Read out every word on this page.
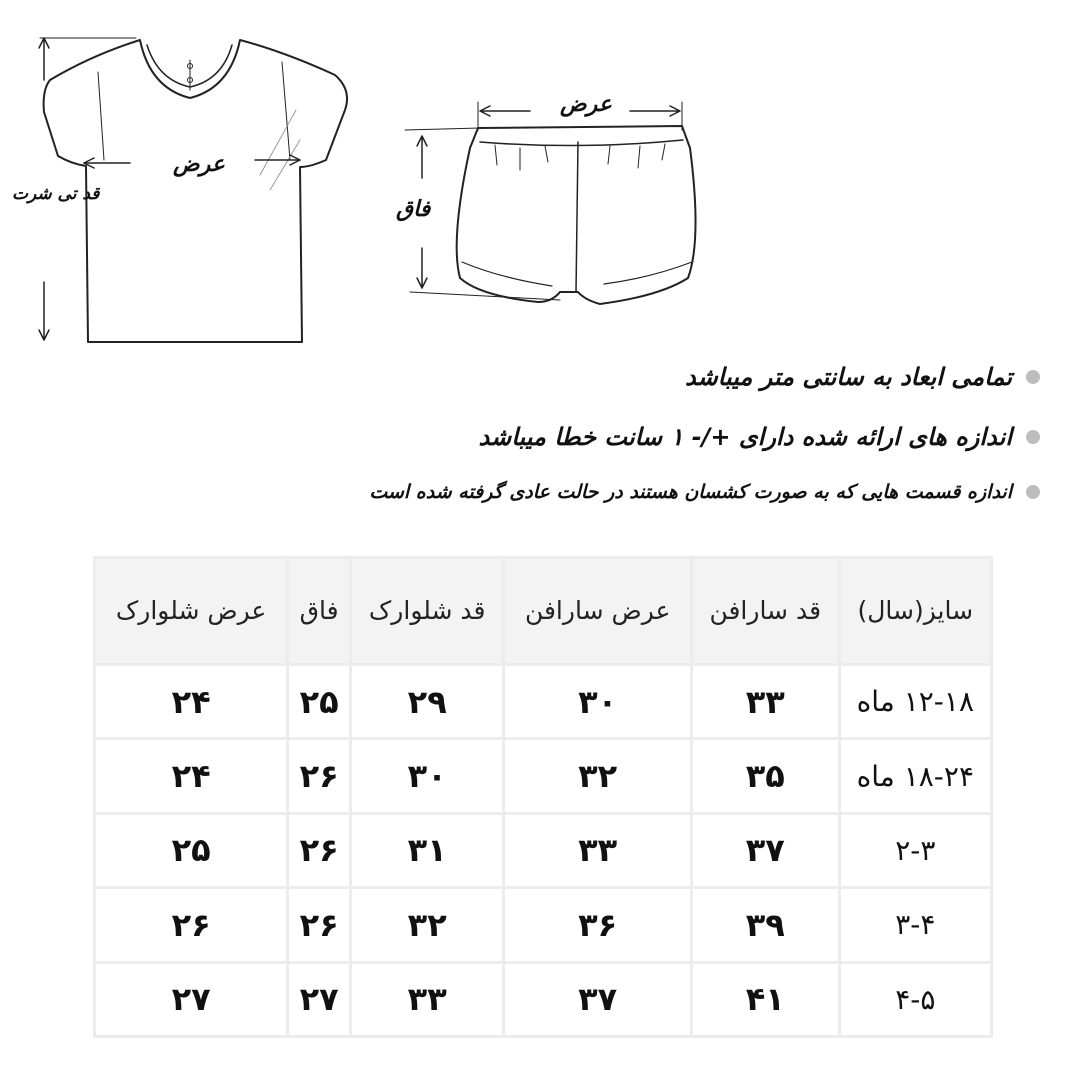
عرض
قد تی شرت
عرض
فاق
تمامی ابعاد به سانتی متر میباشد
اندازه های ارائه شده دارای +/- ۱ سانت خطا میباشد
اندازه قسمت هایی که به صورت کشسان هستند در حالت عادی گرفته شده است
سایز(سال)	قد سارافن	عرض سارافن	قد شلوارک	فاق	عرض شلوارک
۱۲-۱۸ ماه	۳۳	۳۰	۲۹	۲۵	۲۴
۱۸-۲۴ ماه	۳۵	۳۲	۳۰	۲۶	۲۴
۲-۳	۳۷	۳۳	۳۱	۲۶	۲۵
۳-۴	۳۹	۳۶	۳۲	۲۶	۲۶
۴-۵	۴۱	۳۷	۳۳	۲۷	۲۷
